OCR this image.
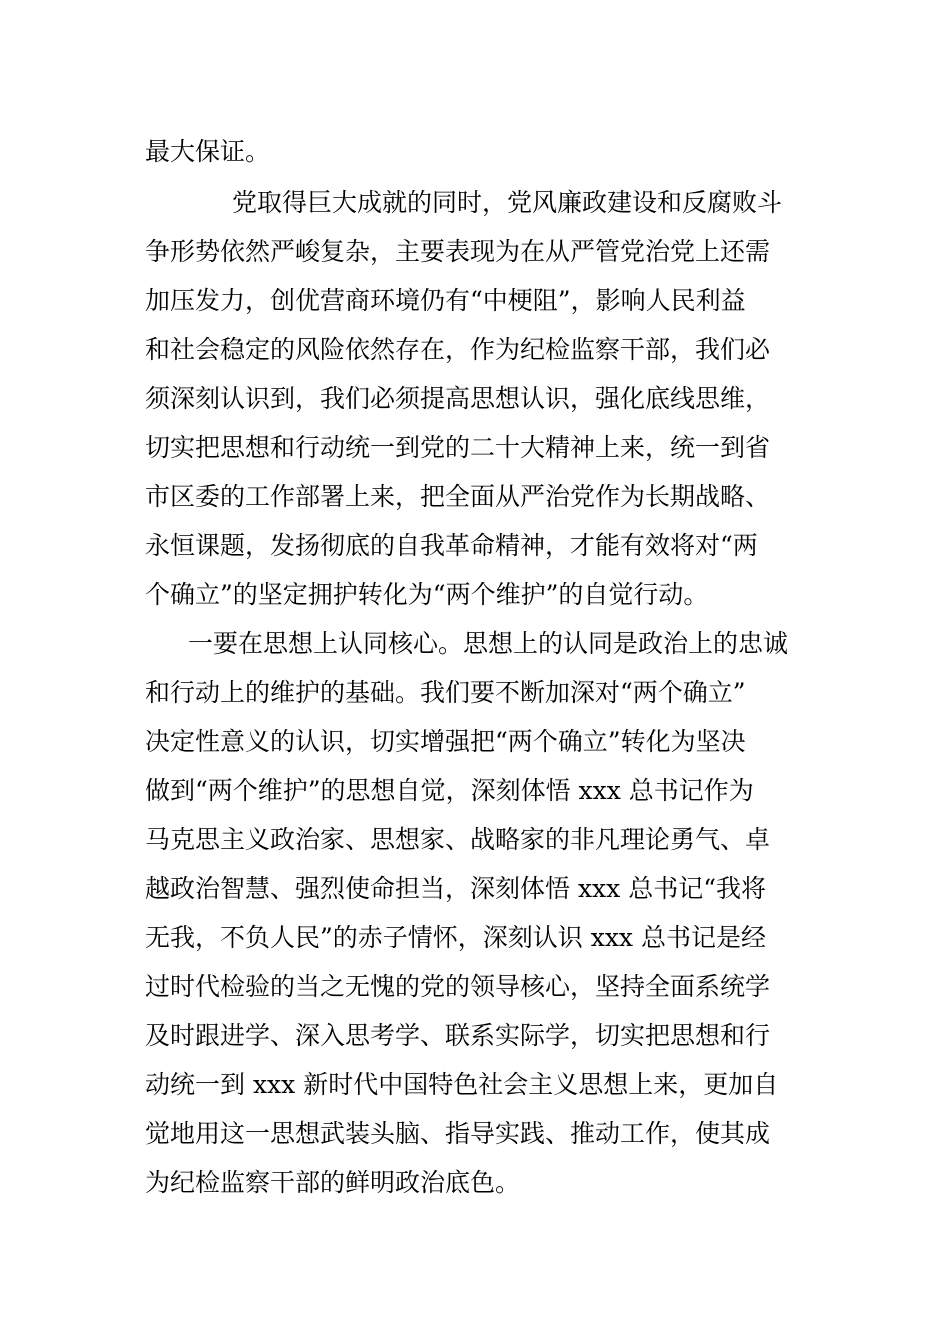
最大保证。
党取得巨大成就的同时，党风廉政建设和反腐败斗
争形势依然严峻复杂，主要表现为在从严管党治党上还需
加压发力，创优营商环境仍有“中梗阻”，影响人民利益
和社会稳定的风险依然存在，作为纪检监察干部，我们必
须深刻认识到，我们必须提高思想认识，强化底线思维，
切实把思想和行动统一到党的二十大精神上来，统一到省
市区委的工作部署上来，把全面从严治党作为长期战略、
永恒课题，发扬彻底的自我革命精神，才能有效将对“两
个确立”的坚定拥护转化为“两个维护”的自觉行动。
一要在思想上认同核心。思想上的认同是政治上的忠诚
和行动上的维护的基础。我们要不断加深对“两个确立”
决定性意义的认识，切实增强把“两个确立”转化为坚决
做到“两个维护”的思想自觉，深刻体悟 xxx 总书记作为
马克思主义政治家、思想家、战略家的非凡理论勇气、卓
越政治智慧、强烈使命担当，深刻体悟 xxx 总书记“我将
无我，不负人民”的赤子情怀，深刻认识 xxx 总书记是经
过时代检验的当之无愧的党的领导核心，坚持全面系统学
及时跟进学、深入思考学、联系实际学，切实把思想和行
动统一到 xxx 新时代中国特色社会主义思想上来，更加自
觉地用这一思想武装头脑、指导实践、推动工作，使其成
为纪检监察干部的鲜明政治底色。
